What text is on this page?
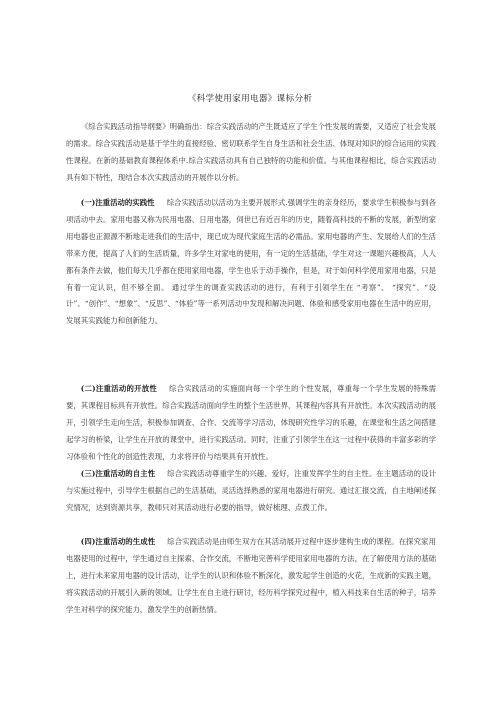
《科学使用家用电器》课标分析

《综合实践活动指导纲要》明确指出：综合实践活动的产生既适应了学生个性发展的需要，又适应了社会发展的需求。综合实践活动是基于学生的直接经验、密切联系学生自身生活和社会生活、体现对知识的综合运用的实践性课程。在新的基础教育课程体系中.综合实践活动具有自己独特的功能和价值。与其他课程相比，综合实践活动具有如下特性，现结合本次实践活动的开展作以分析。

(一)注重活动的实践性 综合实践活动以活动为主要开展形式.强调学生的亲身经历，要求学生积极参与到各项活动中去。家用电器又称为民用电器、日用电器，伺世已有近百年的历史，随着高科技的不断的发展，新型的家用电器也正源源不断地走进我们的生活中，现已成为现代家庭生活的必需品。家用电器的产生、发展给人们的生活带来方便，提高了人们的生活质量，许多学生对家电的使用，有一定的生活基础，学生对这一课题兴趣极高，人人都有条件去做，他们每天几乎都在使用家用电器，学生也乐于动手操作，但是，对于如何科学使用家用电器，只是有着一定认识，但不够全面。 通过学生的调查实践活动的进行，有利于引领学生在 “考察”、 “探究”、“设计”、“创作”、“想象”、“反思”、“体验”等一系列活动中发现和解决问题、体验和感受家用电器在生活中的应用，发展其实践能力和创新能力。

(二)注重活动的开放性 综合实践活动的实施面向每一个学生的个性发展，尊重每一个学生发展的特殊需要，其课程目标具有开放性。综合实践活动面向学生的整个生活世界，其课程内容具有开放性。本次实践活动的展开，引领学生走向生活，积极参加调查、合作、交流等学习活动，体现研究性学习的乐趣，在课堂和生活之间搭建起学习的桥梁，让学生在开放的课堂中，进行实践活动。同时，注重了引领学生在这一过程中获得的丰富多彩的学习体验和个性化的创造性表现，力求将评价与结果具有开放性。

(三)注重活动的自主性 综合实践活动尊重学生的兴趣、爱好，注重发挥学生的自主性。在主题活动的设计与实施过程中，引导学生根据自己的生活基础，灵活选择熟悉的家用电器进行研究。通过汇报交流，自主地阐述探究情况，达到资源共享，教师只对其活动进行必要的指导，做好梳理、点拨工作。

(四)注重活动的生成性 综合实践活动是由师生双方在其活动展开过程中逐步建构生成的课程。在探究家用电器使用的过程中，学生通过自主探索、合作交流，不断地完善科学使用家用电器的方法，在了解使用方法的基础上，进行未来家用电器的设计活动，让学生的认识和体验不断深化，激发起学生创造的火花，生成新的实践主题，将实践活动的开展引入新的领域。让学生在自主进行研讨，经历科学探究过程中，植入科技来自生活的种子，培养学生对科学的探究能力，激发学生的创新热情。
